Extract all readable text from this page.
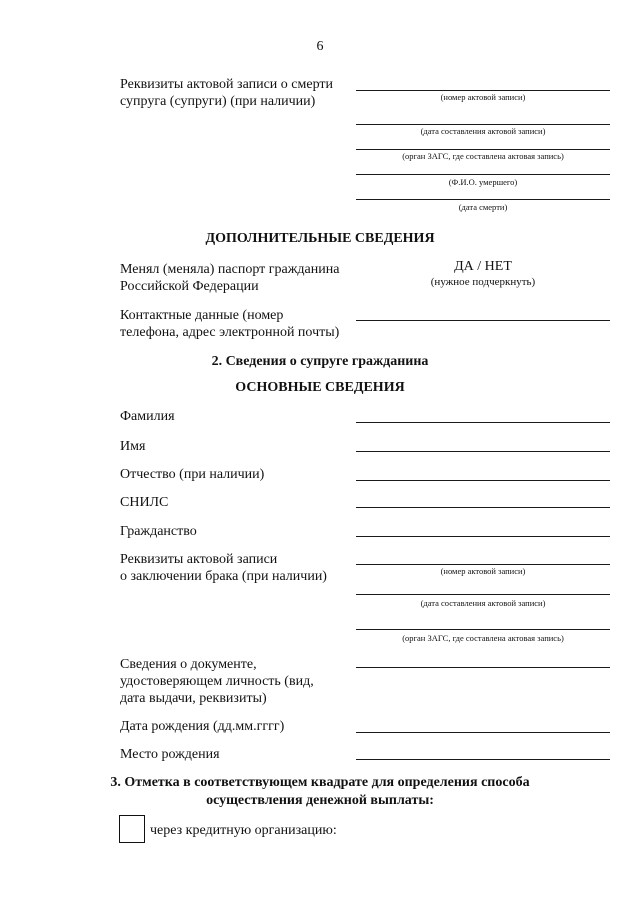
6
Реквизиты актовой записи о смерти
супруга (супруги) (при наличии)	(номер актовой записи)
(дата составления актовой записи)
(орган ЗАГС, где составлена актовая запись)
(Ф.И.О. умершего)
(дата смерти)
ДОПОЛНИТЕЛЬНЫЕ СВЕДЕНИЯ
Менял (меняла) паспорт гражданина
Российской Федерации
ДА / НЕТ
(нужное подчеркнуть)
Контактные данные (номер
телефона, адрес электронной почты)
2. Сведения о супруге гражданина
ОСНОВНЫЕ СВЕДЕНИЯ
Фамилия
Имя
Отчество (при наличии)
СНИЛС
Гражданство
Реквизиты актовой записи
о заключении брака (при наличии)	(номер актовой записи)
(дата составления актовой записи)
(орган ЗАГС, где составлена актовая запись)
Сведения о документе,
удостоверяющем личность (вид,
дата выдачи, реквизиты)
Дата рождения (дд.мм.гггг)
Место рождения
3. Отметка в соответствующем квадрате для определения способа
осуществления денежной выплаты:
через кредитную организацию:
